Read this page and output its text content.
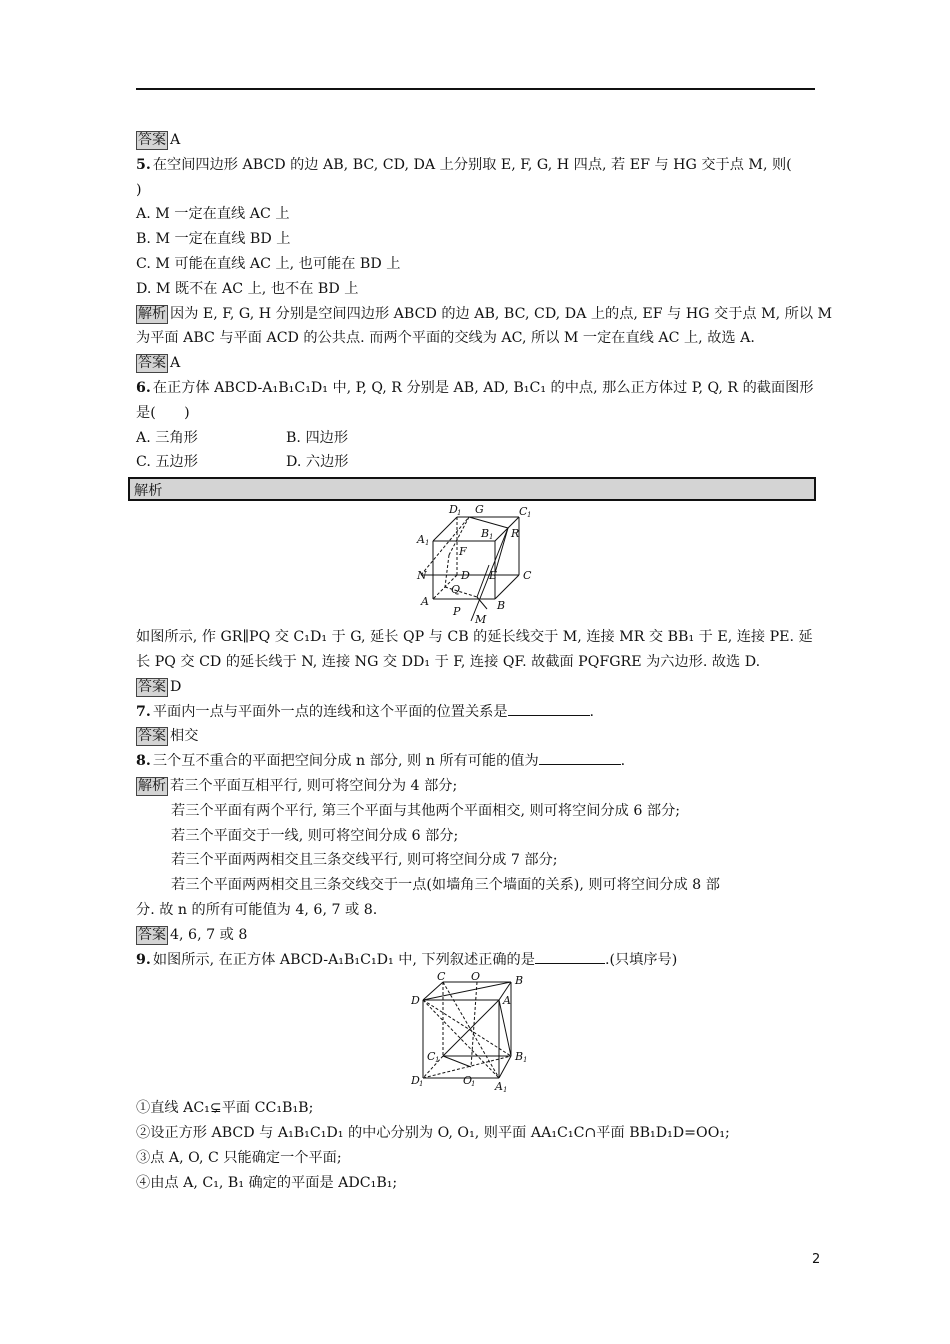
答案 A
5. 在空间四边形 ABCD 的边 AB, BC, CD, DA 上分别取 E, F, G, H 四点, 若 EF 与 HG 交于点 M, 则(
)
A. M 一定在直线 AC 上
B. M 一定在直线 BD 上
C. M 可能在直线 AC 上, 也可能在 BD 上
D. M 既不在 AC 上, 也不在 BD 上
解析 因为 E, F, G, H 分别是空间四边形 ABCD 的边 AB, BC, CD, DA 上的点, EF 与 HG 交于点 M, 所以 M
为平面 ABC 与平面 ACD 的公共点. 而两个平面的交线为 AC, 所以 M 一定在直线 AC 上, 故选 A.
答案 A
6. 在正方体 ABCD-A₁B₁C₁D₁ 中, P, Q, R 分别是 AB, AD, B₁C₁ 的中点, 那么正方体过 P, Q, R 的截面图形
是(　　)
A. 三角形	B. 四边形
C. 五边形	D. 六边形
解析
D 1 G	C 1
A 1
B 1 R
F
N	D E C
Q
A
P	B
M
如图所示, 作 GR∥PQ 交 C₁D₁ 于 G, 延长 QP 与 CB 的延长线交于 M, 连接 MR 交 BB₁ 于 E, 连接 PE. 延
长 PQ 交 CD 的延长线于 N, 连接 NG 交 DD₁ 于 F, 连接 QF. 故截面 PQFGRE 为六边形. 故选 D.
答案 D
7. 平面内一点与平面外一点的连线和这个平面的位置关系是	.
答案 相交
8. 三个互不重合的平面把空间分成 n 部分, 则 n 所有可能的值为	.
解析 若三个平面互相平行, 则可将空间分为 4 部分;
若三个平面有两个平行, 第三个平面与其他两个平面相交, 则可将空间分成 6 部分;
若三个平面交于一线, 则可将空间分成 6 部分;
若三个平面两两相交且三条交线平行, 则可将空间分成 7 部分;
若三个平面两两相交且三条交线交于一点(如墙角三个墙面的关系), 则可将空间分成 8 部
分. 故 n 的所有可能值为 4, 6, 7 或 8.
答案 4, 6, 7 或 8
9. 如图所示, 在正方体 ABCD-A₁B₁C₁D₁ 中, 下列叙述正确的是	.(只填序号)
C O	B
D	A
C 1	B 1
D 1	O
1 A 1
①直线 AC₁⊊平面 CC₁B₁B;
②设正方形 ABCD 与 A₁B₁C₁D₁ 的中心分别为 O, O₁, 则平面 AA₁C₁C∩平面 BB₁D₁D=OO₁;
③点 A, O, C 只能确定一个平面;
④由点 A, C₁, B₁ 确定的平面是 ADC₁B₁;
2
